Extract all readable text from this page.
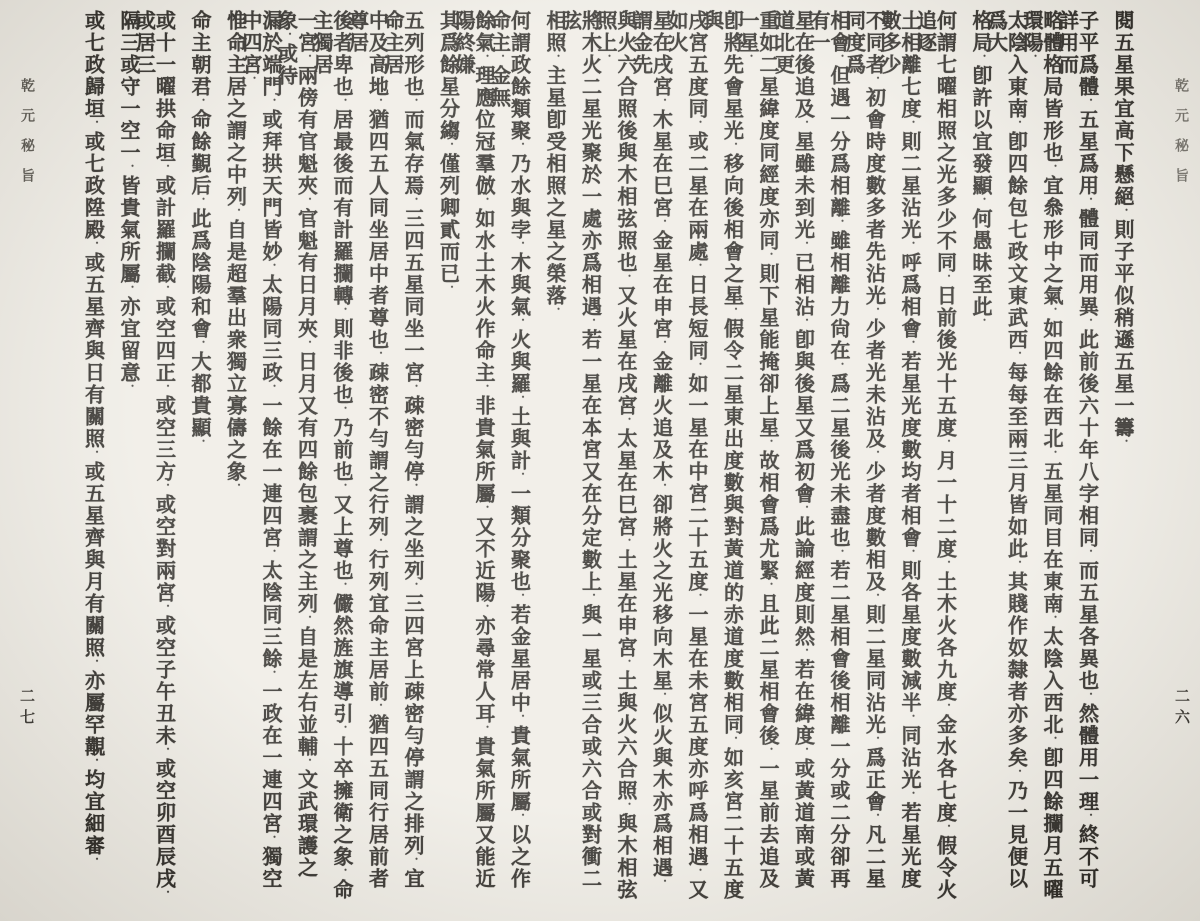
乾元秘旨
二六
閱五星果宜高下懸絕．則子平似稍遜五星一籌．
子平爲體．五星爲用．體同而用異．此前後六十年八字相同．而五星各異也．然體用一理．終不可詳用而
略體格局皆形也．宜叅形中之氣．如四餘在西北．五星同目在東南．太陰入西北．卽四餘攔月五曜環陽．
太陰入東南．卽四餘包七政文東武西．每每至兩三月皆如此．其賤作奴隸者亦多矣．乃一見便以爲大
格局．卽許以宜發顯．何愚昧至此．
何謂七曜相照之光多少不同．日前後光十五度．月一十二度．土木火各九度．金水各七度．假令火追逐
土相離七度．則二星沾光．呼爲相會．若星光度數均者相會．則各星度數減半．同沾光．若星光度數多少
不同者．初會時度數多者先沾光．少者光未沾及．少者度數相及．則二星同沾光．爲正會．凡二星同度爲
相會．但遇一分爲相離．雖相離力尙在．爲二星後光未盡也．若二星相會後相離一分或二分卻再有一
星在後追及．星雖未到光．已相沾．卽與後星又爲初會．此論經度則然．若在緯度．或黃道南或黃道北更
重如二星緯度同經度亦同．則下星能掩卻上星．故相會爲尤緊．且此二星相會後．一星前去追及一星．
卽將先會星光．移向後相會之星．假令二星東出度數與對黃道的赤道度數相同．如亥宮二十五度與
戌宮五度同．或二星在兩處．日長短同．如一星在中宮二十五度．一星在未宮五度亦呼爲相遇．又如火
星在戌宮．木星在巳宮．金星在申宮．金離火追及木．卻將火之光移向木星．似火與木亦爲相遇．謂金先
與火六合照後與木相弦照也．又火星在戌宮．太星在巳宮．土星在申宮．土與火六合照．與木相弦照上．
將木火二星光聚於一處亦爲相遇．若一星在本宮又在分定數上．與一星或三合或六合或對衝二弦
相照．主星卽受相照之星之榮落．
何謂政餘類聚．乃水與孛．木與氣．火與羅．土與計．一類分聚也．若金星居中．貴氣所屬．以之作命主．金無
餘氣．理應位冠羣倣．如水土木火作命主．非貴氣所屬．又不近陽．亦尋常人耳．貴氣所屬又能近陽終嫌
其爲餘星分縐．僅列卿貳而已．
五列形也．而氣存焉．三四五星同坐一宮．疎密勻停．謂之坐列．三四宮上疎密勻停謂之排列．宜命主居
中及高地．猶四五人同坐居中者尊也．疎密不勻謂之行列．行列宜命主居前．猶四五同行居前者尊居
後者卑也．居最後而有計羅攔轉．則非後也．乃前也．又上尊也．儼然旌旗導引．十卒擁衛之象．命主獨居
一宮．兩傍有官魁夾．官魁有日月夾．日月又有四餘包裹謂之主列．自是左右並輔．文武環護之象．或待
漏於端門．或拜拱天門皆妙．太陽同三政．一餘在一連四宮．太陰同三餘．一政在一連四宮．獨空中四宮．
惟命主居之謂之中列．自是超羣出衆獨立寡儔之象．
命主朝君．命餘覲后．此爲陰陽和會．大都貴顯．
或十一曜拱命垣．或計羅攔截．或空四正．或空三方．或空對兩宮．或空子午丑未．或空卯酉辰戌．或居三
隔三或守一空一．皆貴氣所屬．亦宜留意．
或七政歸垣．或七政陞殿．或五星齊與日有關照．或五星齊與月有關照．亦屬罕覯．均宜細審．
乾元秘旨
二七
